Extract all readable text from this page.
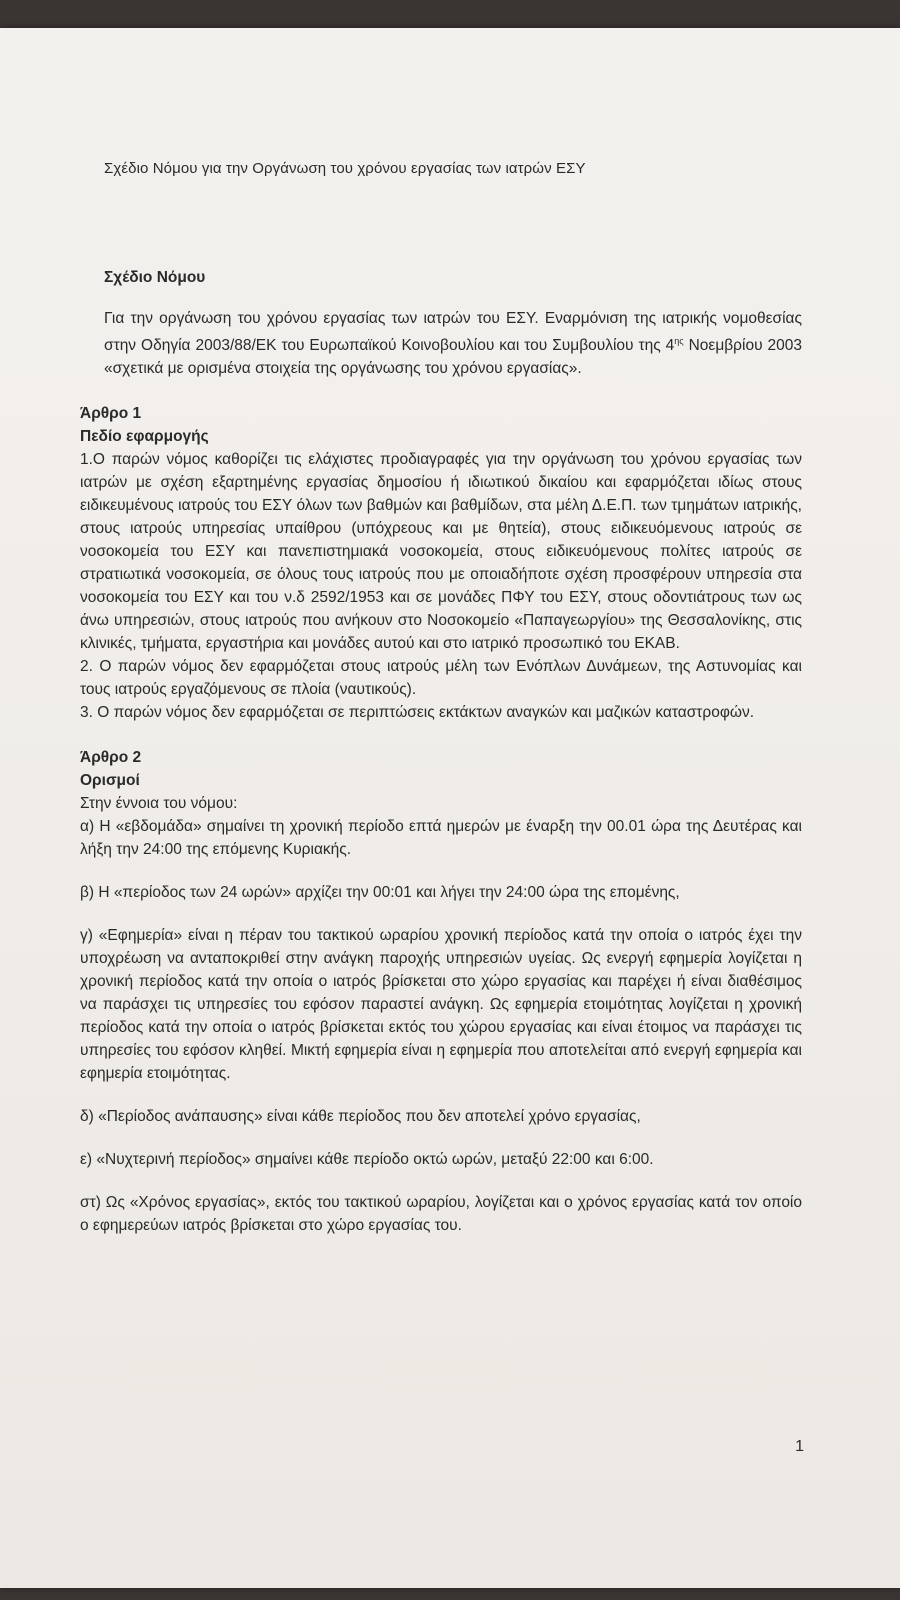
Σχέδιο Νόμου για την Οργάνωση του χρόνου εργασίας των ιατρών ΕΣΥ
Σχέδιο Νόμου
Για την οργάνωση του χρόνου εργασίας των ιατρών του ΕΣΥ. Εναρμόνιση της ιατρικής νομοθεσίας στην Οδηγία 2003/88/ΕΚ του Ευρωπαϊκού Κοινοβουλίου και του Συμβουλίου της $4^{\eta\varsigma}$ Νοεμβρίου 2003 «σχετικά με ορισμένα στοιχεία της οργάνωσης του χρόνου εργασίας».
Άρθρο 1
Πεδίο εφαρμογής
1.Ο παρών νόμος καθορίζει τις ελάχιστες προδιαγραφές για την οργάνωση του χρόνου εργασίας των ιατρών με σχέση εξαρτημένης εργασίας δημοσίου ή ιδιωτικού δικαίου και εφαρμόζεται ιδίως στους ειδικευμένους ιατρούς του ΕΣΥ όλων των βαθμών και βαθμίδων, στα μέλη Δ.Ε.Π. των τμημάτων ιατρικής, στους ιατρούς υπηρεσίας υπαίθρου (υπόχρεους και με θητεία), στους ειδικευόμενους ιατρούς σε νοσοκομεία του ΕΣΥ και πανεπιστημιακά νοσοκομεία, στους ειδικευόμενους πολίτες ιατρούς σε στρατιωτικά νοσοκομεία, σε όλους τους ιατρούς που με οποιαδήποτε σχέση προσφέρουν υπηρεσία στα νοσοκομεία του ΕΣΥ και του ν.δ 2592/1953 και σε μονάδες ΠΦΥ του ΕΣΥ, στους οδοντιάτρους των ως άνω υπηρεσιών, στους ιατρούς που ανήκουν στο Νοσοκομείο «Παπαγεωργίου» της Θεσσαλονίκης, στις κλινικές, τμήματα, εργαστήρια και μονάδες αυτού και στο ιατρικό προσωπικό του ΕΚΑΒ.
2. Ο παρών νόμος δεν εφαρμόζεται στους ιατρούς μέλη των Ενόπλων Δυνάμεων, της Αστυνομίας και τους ιατρούς εργαζόμενους σε πλοία (ναυτικούς).
3. Ο παρών νόμος δεν εφαρμόζεται σε περιπτώσεις εκτάκτων αναγκών και μαζικών καταστροφών.
Άρθρο 2
Ορισμοί
Στην έννοια του νόμου:
α) Η «εβδομάδα» σημαίνει τη χρονική περίοδο επτά ημερών με έναρξη την 00.01 ώρα της Δευτέρας και λήξη την 24:00 της επόμενης Κυριακής.
β) Η «περίοδος των 24 ωρών» αρχίζει την 00:01 και λήγει την 24:00 ώρα της επομένης,
γ) «Εφημερία» είναι η πέραν του τακτικού ωραρίου χρονική περίοδος κατά την οποία ο ιατρός έχει την υποχρέωση να ανταποκριθεί στην ανάγκη παροχής υπηρεσιών υγείας. Ως ενεργή εφημερία λογίζεται η χρονική περίοδος κατά την οποία ο ιατρός βρίσκεται στο χώρο εργασίας και παρέχει ή είναι διαθέσιμος να παράσχει τις υπηρεσίες του εφόσον παραστεί ανάγκη. Ως εφημερία ετοιμότητας λογίζεται η χρονική περίοδος κατά την οποία ο ιατρός βρίσκεται εκτός του χώρου εργασίας και είναι έτοιμος να παράσχει τις υπηρεσίες του εφόσον κληθεί. Μικτή εφημερία είναι η εφημερία που αποτελείται από ενεργή εφημερία και εφημερία ετοιμότητας.
δ) «Περίοδος ανάπαυσης» είναι κάθε περίοδος που δεν αποτελεί χρόνο εργασίας,
ε) «Νυχτερινή περίοδος» σημαίνει κάθε περίοδο οκτώ ωρών, μεταξύ 22:00 και 6:00.
στ) Ως «Χρόνος εργασίας», εκτός του τακτικού ωραρίου, λογίζεται και ο χρόνος εργασίας κατά τον οποίο ο εφημερεύων ιατρός βρίσκεται στο χώρο εργασίας του.
1
